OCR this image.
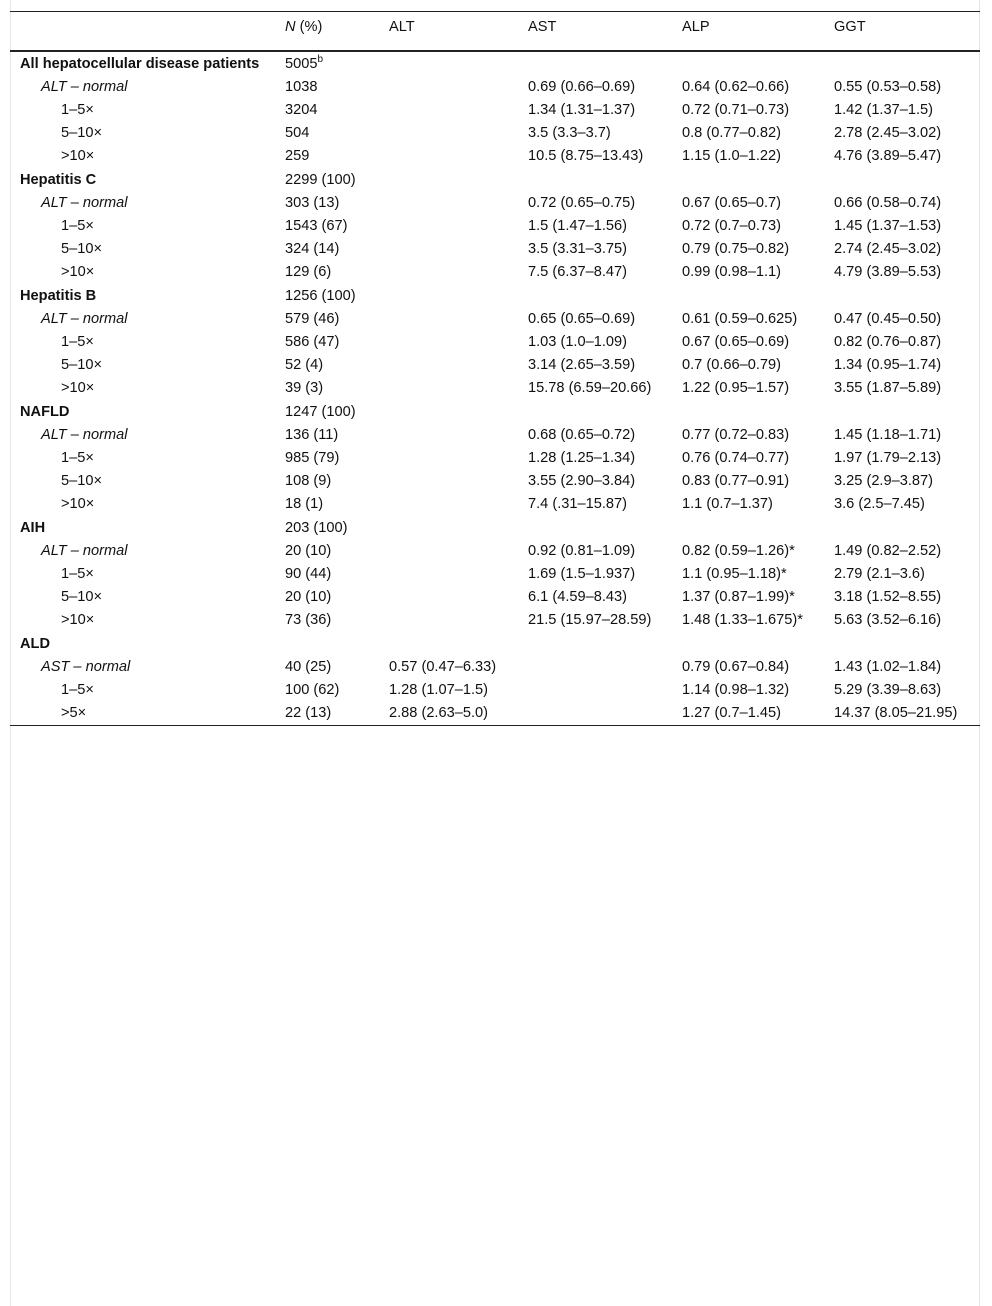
	N (%)	ALT	AST	ALP	GGT
All hepatocellular disease patients	5005$^b$				
ALT – normal	1038		0.69 (0.66–0.69)	0.64 (0.62–0.66)	0.55 (0.53–0.58)
1–5×	3204		1.34 (1.31–1.37)	0.72 (0.71–0.73)	1.42 (1.37–1.5)
5–10×	504		3.5 (3.3–3.7)	0.8 (0.77–0.82)	2.78 (2.45–3.02)
>10×	259		10.5 (8.75–13.43)	1.15 (1.0–1.22)	4.76 (3.89–5.47)
Hepatitis C	2299 (100)				
ALT – normal	303 (13)		0.72 (0.65–0.75)	0.67 (0.65–0.7)	0.66 (0.58–0.74)
1–5×	1543 (67)		1.5 (1.47–1.56)	0.72 (0.7–0.73)	1.45 (1.37–1.53)
5–10×	324 (14)		3.5 (3.31–3.75)	0.79 (0.75–0.82)	2.74 (2.45–3.02)
>10×	129 (6)		7.5 (6.37–8.47)	0.99 (0.98–1.1)	4.79 (3.89–5.53)
Hepatitis B	1256 (100)				
ALT – normal	579 (46)		0.65 (0.65–0.69)	0.61 (0.59–0.625)	0.47 (0.45–0.50)
1–5×	586 (47)		1.03 (1.0–1.09)	0.67 (0.65–0.69)	0.82 (0.76–0.87)
5–10×	52 (4)		3.14 (2.65–3.59)	0.7 (0.66–0.79)	1.34 (0.95–1.74)
>10×	39 (3)		15.78 (6.59–20.66)	1.22 (0.95–1.57)	3.55 (1.87–5.89)
NAFLD	1247 (100)				
ALT – normal	136 (11)		0.68 (0.65–0.72)	0.77 (0.72–0.83)	1.45 (1.18–1.71)
1–5×	985 (79)		1.28 (1.25–1.34)	0.76 (0.74–0.77)	1.97 (1.79–2.13)
5–10×	108 (9)		3.55 (2.90–3.84)	0.83 (0.77–0.91)	3.25 (2.9–3.87)
>10×	18 (1)		7.4 (.31–15.87)	1.1 (0.7–1.37)	3.6 (2.5–7.45)
AIH	203 (100)				
ALT – normal	20 (10)		0.92 (0.81–1.09)	0.82 (0.59–1.26)*	1.49 (0.82–2.52)
1–5×	90 (44)		1.69 (1.5–1.937)	1.1 (0.95–1.18)*	2.79 (2.1–3.6)
5–10×	20 (10)		6.1 (4.59–8.43)	1.37 (0.87–1.99)*	3.18 (1.52–8.55)
>10×	73 (36)		21.5 (15.97–28.59)	1.48 (1.33–1.675)*	5.63 (3.52–6.16)
ALD					
AST – normal	40 (25)	0.57 (0.47–6.33)		0.79 (0.67–0.84)	1.43 (1.02–1.84)
1–5×	100 (62)	1.28 (1.07–1.5)		1.14 (0.98–1.32)	5.29 (3.39–8.63)
>5×	22 (13)	2.88 (2.63–5.0)		1.27 (0.7–1.45)	14.37 (8.05–21.95)
